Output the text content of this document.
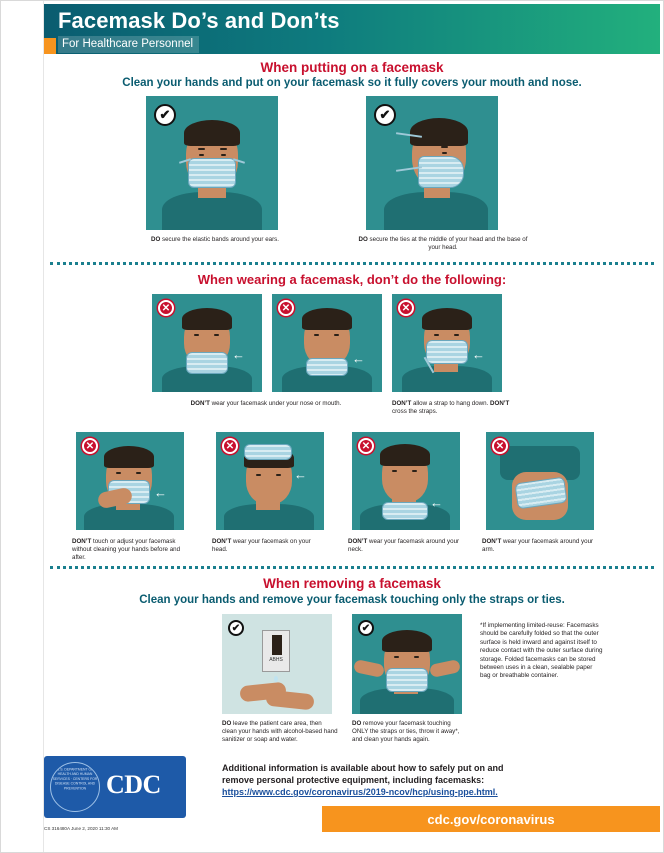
Facemask Do’s and Don’ts
For Healthcare Personnel
When putting on a facemask
Clean your hands and put on your facemask so it fully covers your mouth and nose.
✔
DO secure the elastic bands around your ears.
✔
DO secure the ties at the middle of your head and the base of your head.
When wearing a facemask, don’t do the following:
✕
←
✕
←
✕
←
DON’T wear your facemask under your nose or mouth.	DON’T allow a strap to hang down. DON’T cross the straps.
✕
←
DON’T touch or adjust your facemask without cleaning your hands before and after.
✕
←
DON’T wear your facemask on your head.
✕
←
DON’T wear your facemask around your neck.
✕
DON’T wear your facemask around your arm.
When removing a facemask
Clean your hands and remove your facemask touching only the straps or ties.
✔
ABHS
DO leave the patient care area, then clean your hands with alcohol-based hand sanitizer or soap and water.
✔
DO remove your facemask touching ONLY the straps or ties, throw it away*, and clean your hands again.
*If implementing limited-reuse: Facemasks should be carefully folded so that the outer surface is held inward and against itself to reduce contact with the outer surface during storage. Folded facemasks can be stored between uses in a clean, sealable paper bag or breathable container.
Additional information is available about how to safely put on and
remove personal protective equipment, including facemasks:
https://www.cdc.gov/coronavirus/2019-ncov/hcp/using-ppe.html.
U.S. DEPARTMENT OF HEALTH AND HUMAN SERVICES · CENTERS FOR DISEASE CONTROL AND PREVENTION CDC
cdc.gov/coronavirus
CS 316480A June 2, 2020 11:30 AM
